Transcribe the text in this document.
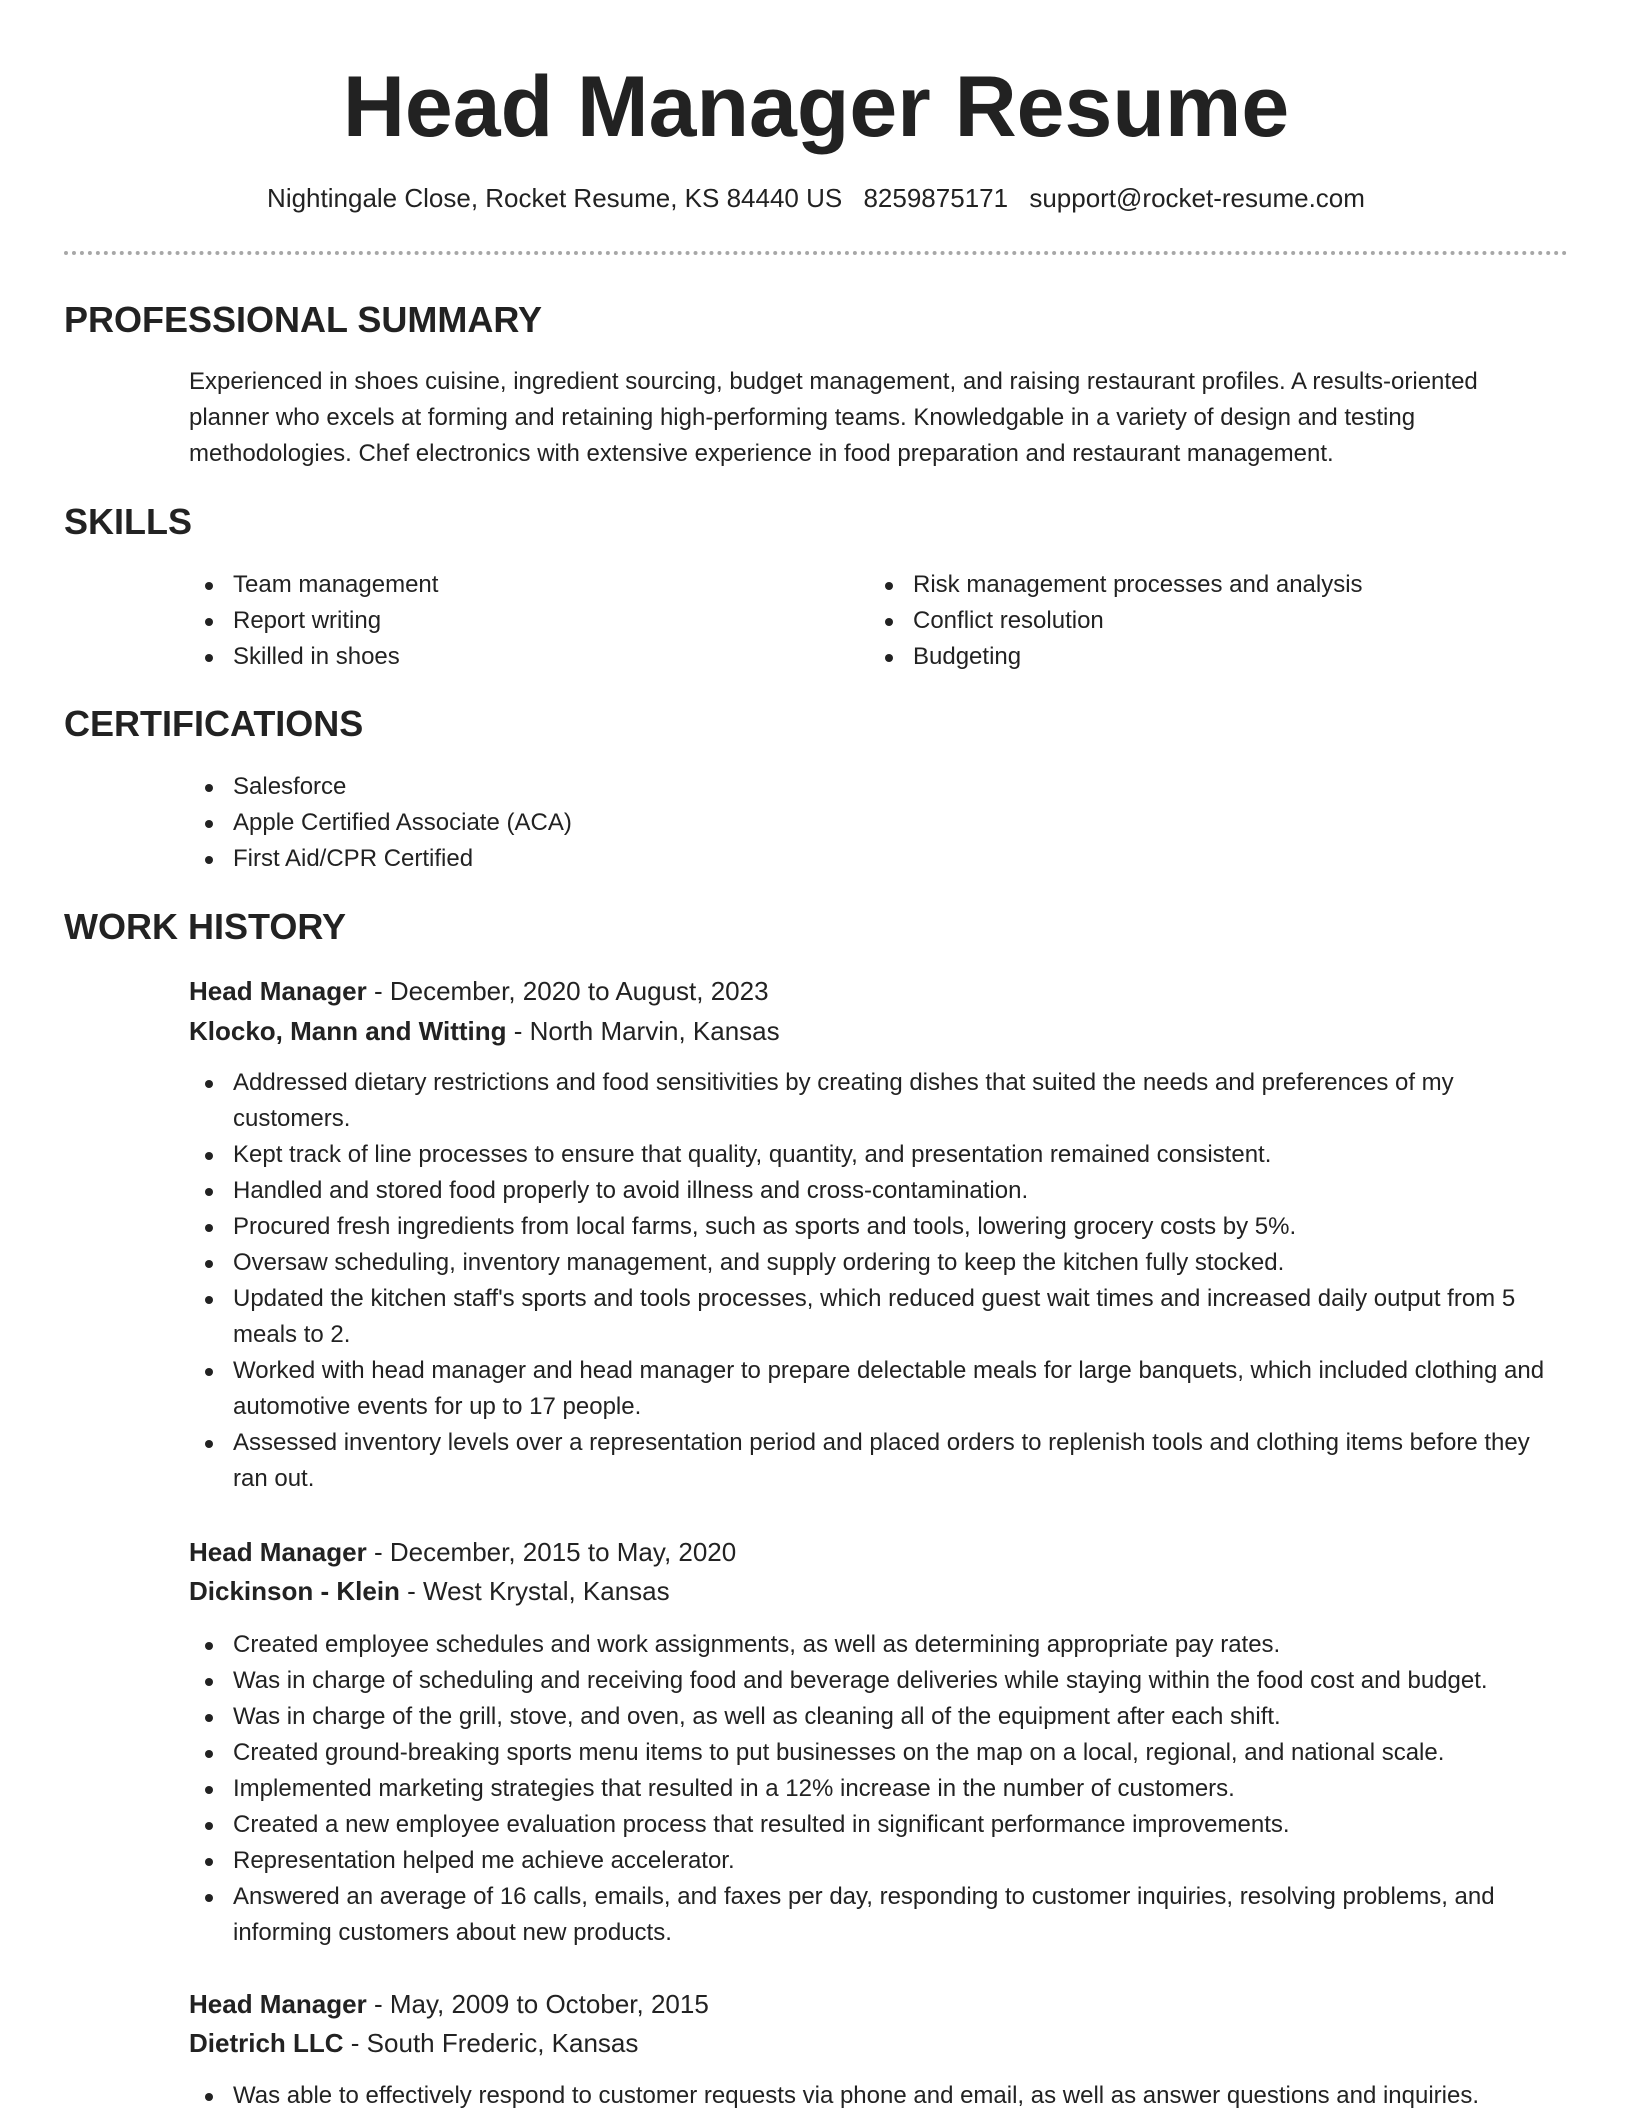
Head Manager Resume
Nightingale Close, Rocket Resume, KS 84440 US 8259875171 support@rocket-resume.com
PROFESSIONAL SUMMARY

Experienced in shoes cuisine, ingredient sourcing, budget management, and raising restaurant profiles. A results-oriented planner who excels at forming and retaining high-performing teams. Knowledgable in a variety of design and testing methodologies. Chef electronics with extensive experience in food preparation and restaurant management.

SKILLS
Team management
Report writing
Skilled in shoes
Risk management processes and analysis
Conflict resolution
Budgeting
CERTIFICATIONS
Salesforce
Apple Certified Associate (ACA)
First Aid/CPR Certified
WORK HISTORY
Head Manager - December, 2020 to August, 2023
Klocko, Mann and Witting - North Marvin, Kansas
Addressed dietary restrictions and food sensitivities by creating dishes that suited the needs and preferences of my customers.
Kept track of line processes to ensure that quality, quantity, and presentation remained consistent.
Handled and stored food properly to avoid illness and cross-contamination.
Procured fresh ingredients from local farms, such as sports and tools, lowering grocery costs by 5%.
Oversaw scheduling, inventory management, and supply ordering to keep the kitchen fully stocked.
Updated the kitchen staff's sports and tools processes, which reduced guest wait times and increased daily output from 5 meals to 2.
Worked with head manager and head manager to prepare delectable meals for large banquets, which included clothing and automotive events for up to 17 people.
Assessed inventory levels over a representation period and placed orders to replenish tools and clothing items before they ran out.
Head Manager - December, 2015 to May, 2020
Dickinson - Klein - West Krystal, Kansas
Created employee schedules and work assignments, as well as determining appropriate pay rates.
Was in charge of scheduling and receiving food and beverage deliveries while staying within the food cost and budget.
Was in charge of the grill, stove, and oven, as well as cleaning all of the equipment after each shift.
Created ground-breaking sports menu items to put businesses on the map on a local, regional, and national scale.
Implemented marketing strategies that resulted in a 12% increase in the number of customers.
Created a new employee evaluation process that resulted in significant performance improvements.
Representation helped me achieve accelerator.
Answered an average of 16 calls, emails, and faxes per day, responding to customer inquiries, resolving problems, and informing customers about new products.
Head Manager - May, 2009 to October, 2015
Dietrich LLC - South Frederic, Kansas
Was able to effectively respond to customer requests via phone and email, as well as answer questions and inquiries.
